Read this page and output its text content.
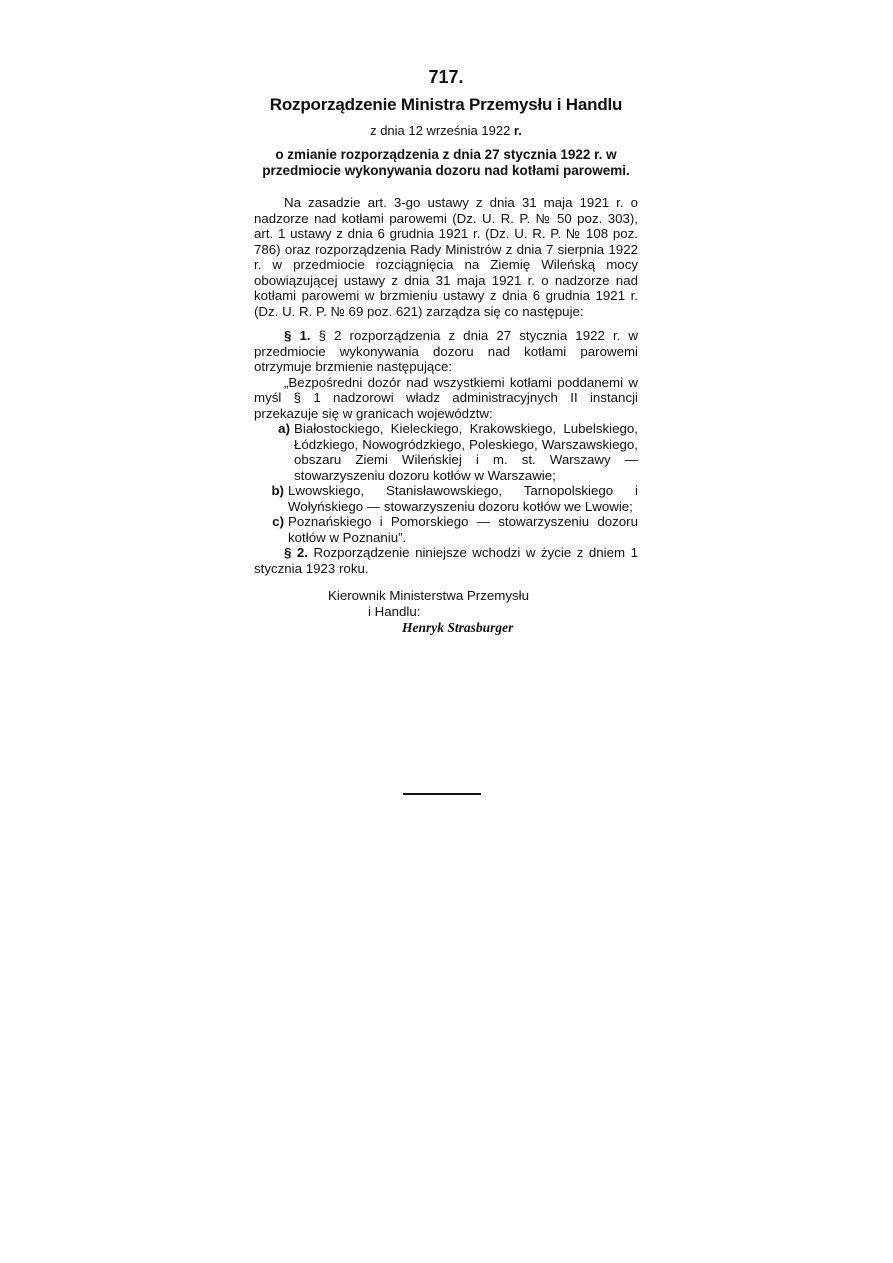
717.
Rozporządzenie Ministra Przemysłu i Handlu
z dnia 12 września 1922 r.
o zmianie rozporządzenia z dnia 27 stycznia 1922 r. w przedmiocie wykonywania dozoru nad kotłami parowemi.

Na zasadzie art. 3-go ustawy z dnia 31 maja 1921 r. o nadzorze nad kotłami parowemi (Dz. U. R. P. № 50 poz. 303), art. 1 ustawy z dnia 6 grudnia 1921 r. (Dz. U. R. P. № 108 poz. 786) oraz rozporządzenia Rady Ministrów z dnia 7 sierpnia 1922 r. w przedmiocie rozciągnięcia na Ziemię Wileńską mocy obowiązującej ustawy z dnia 31 maja 1921 r. o nadzorze nad kotłami parowemi w brzmieniu ustawy z dnia 6 grudnia 1921 r. (Dz. U. R. P. № 69 poz. 621) zarządza się co następuje:

§ 1. § 2 rozporządzenia z dnia 27 stycznia 1922 r. w przedmiocie wykonywania dozoru nad kotłami parowemi otrzymuje brzmienie następujące:

„Bezpośredni dozór nad wszystkiemi kotłami poddanemi w myśl § 1 nadzorowi władz administracyjnych II instancji przekazuje się w granicach województw:

a) Białostockiego, Kieleckiego, Krakowskiego, Lubelskiego, Łódzkiego, Nowogródzkiego, Poleskiego, Warszawskiego, obszaru Ziemi Wileńskiej i m. st. Warszawy — stowarzyszeniu dozoru kotłów w Warszawie;
b) Lwowskiego, Stanisławowskiego, Tarnopolskiego i Wołyńskiego — stowarzyszeniu dozoru kotłów we Lwowie;
c) Poznańskiego i Pomorskiego — stowarzyszeniu dozoru kotłów w Poznaniu”.

§ 2. Rozporządzenie niniejsze wchodzi w życie z dniem 1 stycznia 1923 roku.

Kierownik Ministerstwa Przemysłu
i Handlu:
Henryk Strasburger
